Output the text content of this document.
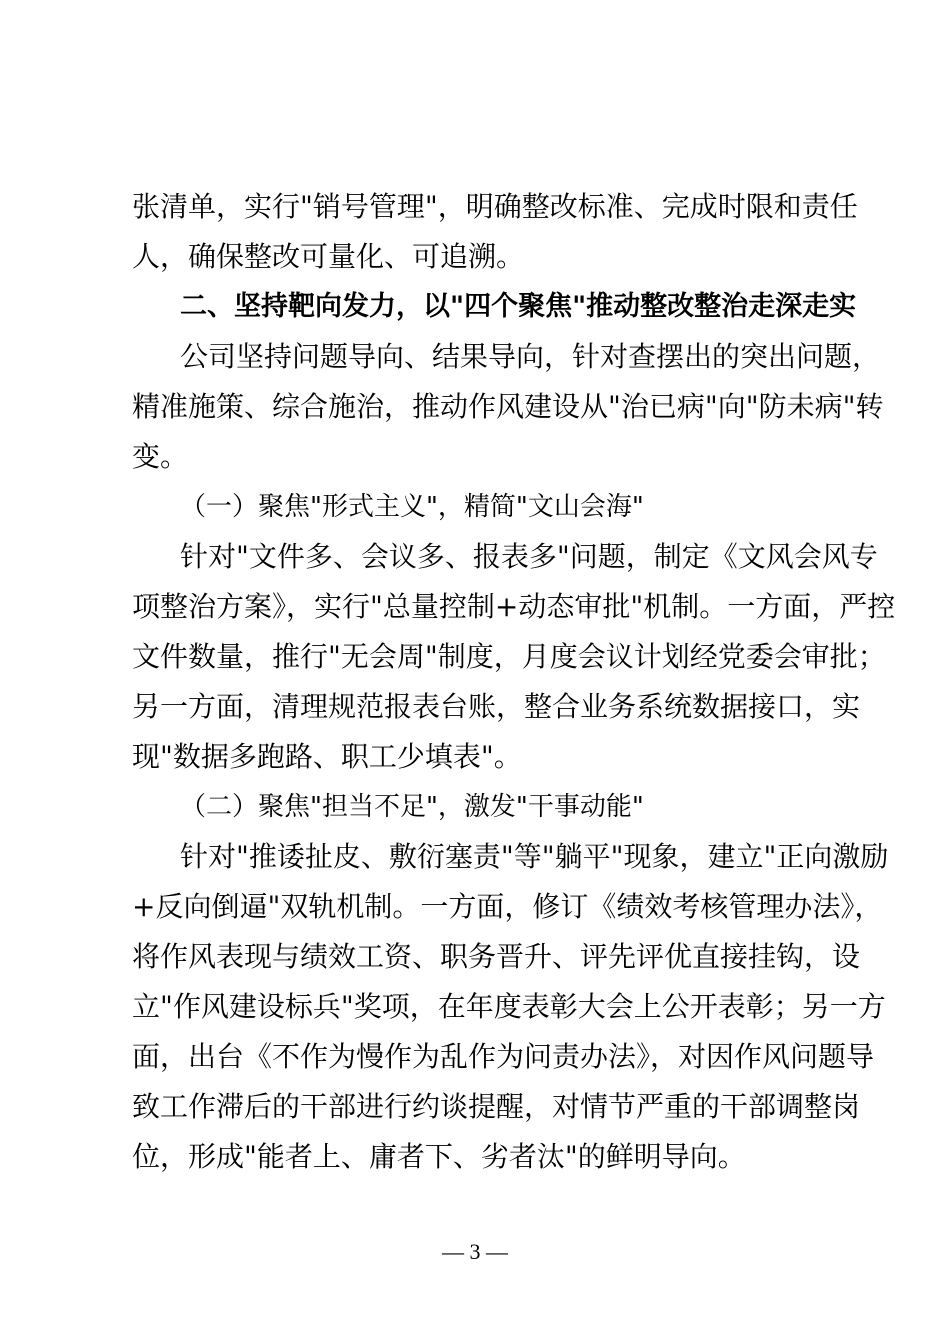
张清单，实行"销号管理"，明确整改标准、完成时限和责任
人，确保整改可量化、可追溯。
二、坚持靶向发力，以"四个聚焦"推动整改整治走深走实
公司坚持问题导向、结果导向，针对查摆出的突出问题，
精准施策、综合施治，推动作风建设从"治已病"向"防未病"转
变。
（一）聚焦"形式主义"，精简"文山会海"
针对"文件多、会议多、报表多"问题，制定《文风会风专
项整治方案》，实行"总量控制+动态审批"机制。一方面，严控
文件数量，推行"无会周"制度，月度会议计划经党委会审批；
另一方面，清理规范报表台账，整合业务系统数据接口，实
现"数据多跑路、职工少填表"。
（二）聚焦"担当不足"，激发"干事动能"
针对"推诿扯皮、敷衍塞责"等"躺平"现象，建立"正向激励
+反向倒逼"双轨机制。一方面，修订《绩效考核管理办法》，
将作风表现与绩效工资、职务晋升、评先评优直接挂钩，设
立"作风建设标兵"奖项，在年度表彰大会上公开表彰；另一方
面，出台《不作为慢作为乱作为问责办法》，对因作风问题导
致工作滞后的干部进行约谈提醒，对情节严重的干部调整岗
位，形成"能者上、庸者下、劣者汰"的鲜明导向。
— 3 —
